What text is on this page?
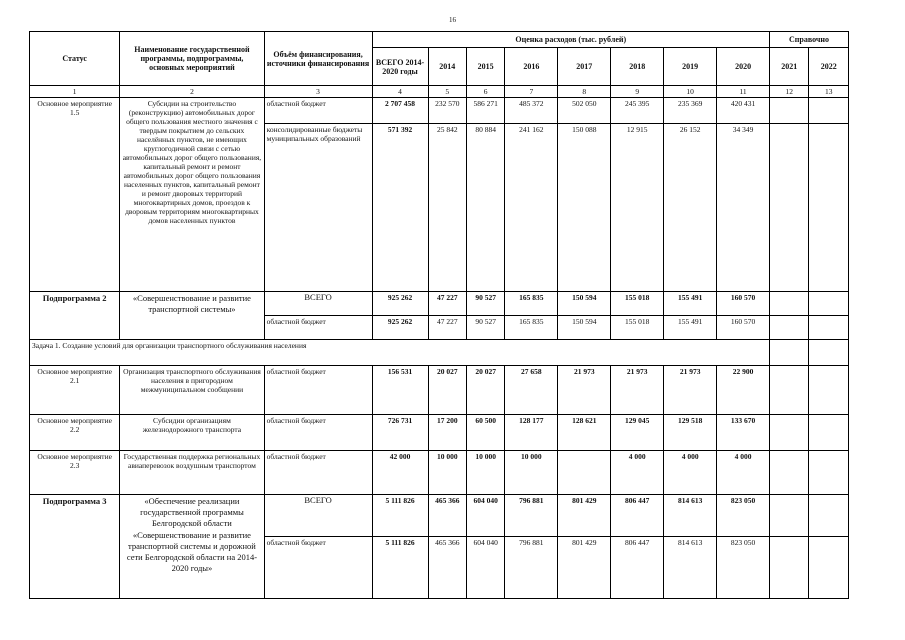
16
Статус	Наименование государственной программы, подпрограммы, основных мероприятий	Объём финансирования, источники финансирования	Оценка расходов (тыс. рублей)								Справочно	
			ВСЕГО 2014-2020 годы	2014	2015	2016	2017	2018	2019	2020	2021	2022
1	2	3	4	5	6	7	8	9	10	11	12	13
Основное мероприятие 1.5	Субсидии на строительство (реконструкцию) автомобильных дорог общего пользования местного значения с твердым покрытием до сельских населённых пунктов, не имеющих круглогодичной связи с сетью автомобильных дорог общего пользования, капитальный ремонт и ремонт автомобильных дорог общего пользования населенных пунктов, капитальный ремонт и ремонт дворовых территорий многоквартирных домов, проездов к дворовым территориям многоквартирных домов населенных пунктов	областной бюджет	2 707 458	232 570	586 271	485 372	502 050	245 395	235 369	420 431		
		консолидированные бюджеты муниципальных образований	571 392	25 842	80 884	241 162	150 088	12 915	26 152	34 349		
Подпрограмма 2	«Совершенствование и развитие транспортной системы»	ВСЕГО	925 262	47 227	90 527	165 835	150 594	155 018	155 491	160 570		
		областной бюджет	925 262	47 227	90 527	165 835	150 594	155 018	155 491	160 570		
Задача 1. Создание условий для организации транспортного обслуживания населения												
Основное мероприятие 2.1	Организация транспортного обслуживания населения в пригородном межмуниципальном сообщении	областной бюджет	156 531	20 027	20 027	27 658	21 973	21 973	21 973	22 900		
Основное мероприятие 2.2	Субсидии организациям железнодорожного транспорта	областной бюджет	726 731	17 200	60 500	128 177	128 621	129 045	129 518	133 670		
Основное мероприятие 2.3	Государственная поддержка региональных авиаперевозок воздушным транспортом	областной бюджет	42 000	10 000	10 000	10 000		4 000	4 000	4 000		
Подпрограмма 3	«Обеспечение реализации государственной программы Белгородской области «Совершенствование и развитие транспортной системы и дорожной сети Белгородской области на 2014-2020 годы»	ВСЕГО	5 111 826	465 366	604 040	796 881	801 429	806 447	814 613	823 050		
		областной бюджет	5 111 826	465 366	604 040	796 881	801 429	806 447	814 613	823 050		
